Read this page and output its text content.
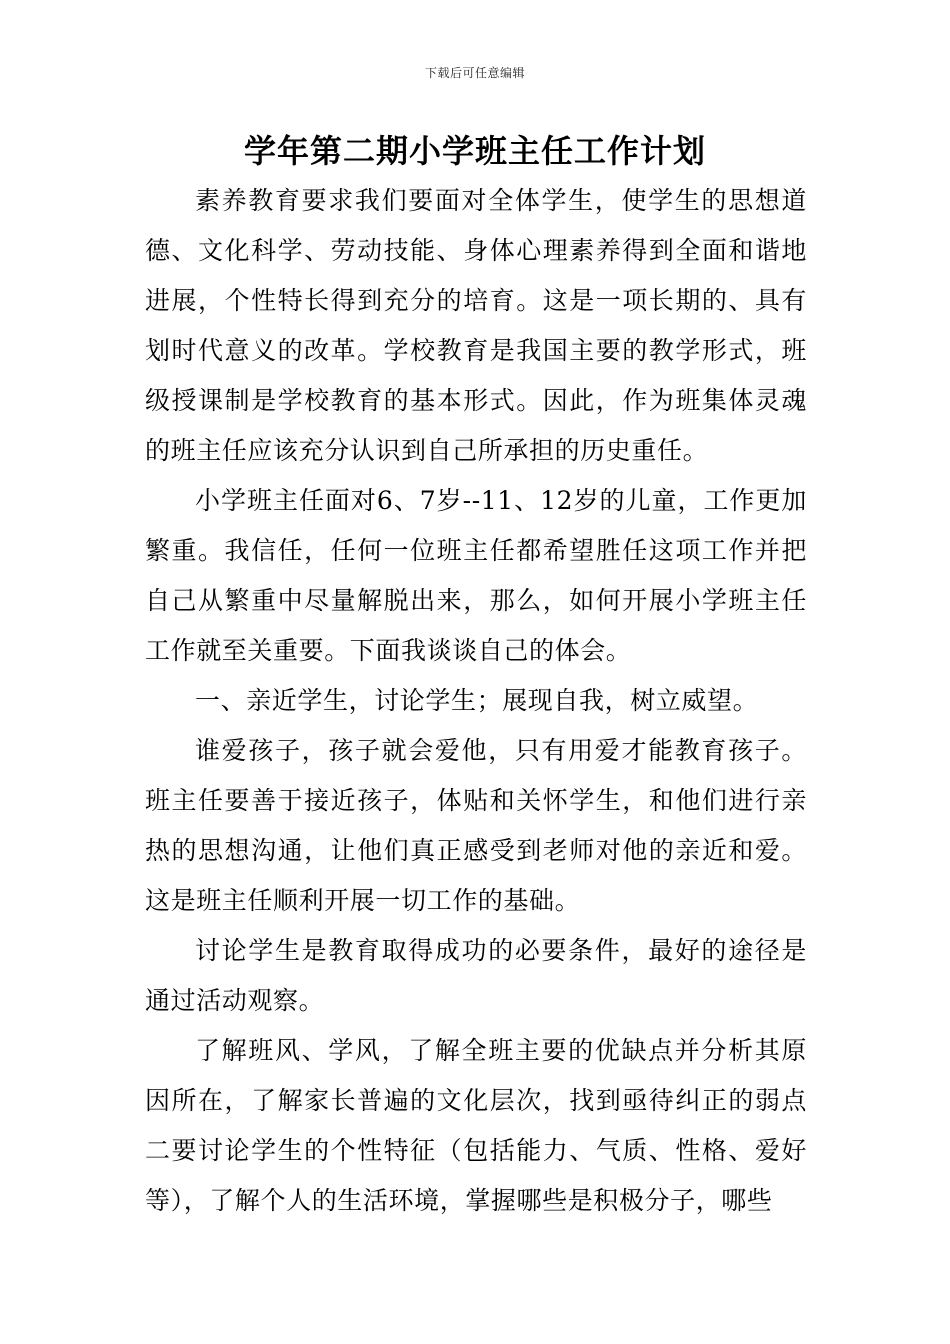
下载后可任意编辑
学年第二期小学班主任工作计划

素养教育要求我们要面对全体学生，使学生的思想道德、文化科学、劳动技能、身体心理素养得到全面和谐地进展，个性特长得到充分的培育。这是一项长期的、具有划时代意义的改革。学校教育是我国主要的教学形式，班级授课制是学校教育的基本形式。因此，作为班集体灵魂的班主任应该充分认识到自己所承担的历史重任。

小学班主任面对6、7岁--11、12岁的儿童，工作更加繁重。我信任，任何一位班主任都希望胜任这项工作并把自己从繁重中尽量解脱出来，那么，如何开展小学班主任工作就至关重要。下面我谈谈自己的体会。

一、亲近学生，讨论学生；展现自我，树立威望。

谁爱孩子，孩子就会爱他，只有用爱才能教育孩子。班主任要善于接近孩子，体贴和关怀学生，和他们进行亲热的思想沟通，让他们真正感受到老师对他的亲近和爱。这是班主任顺利开展一切工作的基础。

讨论学生是教育取得成功的必要条件，最好的途径是通过活动观察。

了解班风、学风，了解全班主要的优缺点并分析其原因所在，了解家长普遍的文化层次，找到亟待纠正的弱点二要讨论学生的个性特征（包括能力、气质、性格、爱好等），了解个人的生活环境，掌握哪些是积极分子，哪些
